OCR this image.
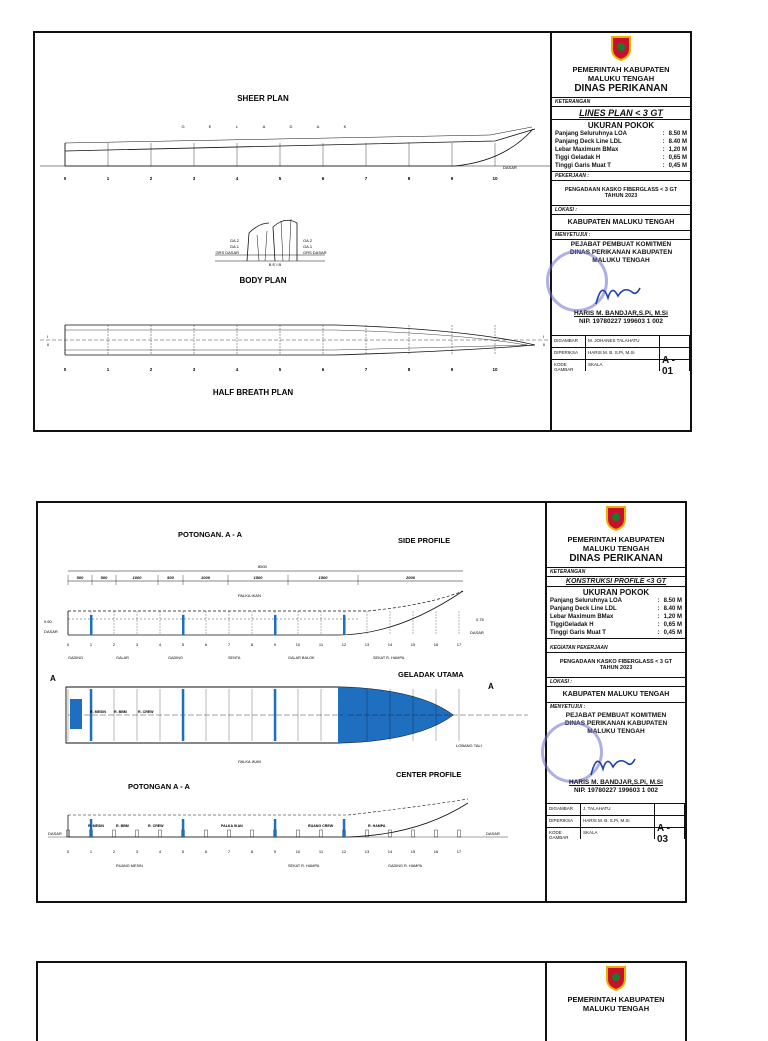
SHEER PLAN
G	E	L	A	D	A	K
DASAR
0	1	2	3	4	5	6	7	8	9	10
GA.2
GA.1
GRS DASAR
GA.2
GA.1
GRS DASAR
B E I B
BODY PLAN
I
II
I
II
0	1	2	3	4	5	6	7	8	9	10
HALF BREATH PLAN
PEMERINTAH KABUPATEN
MALUKU TENGAH
DINAS PERIKANAN
KETERANGAN
LINES PLAN < 3 GT
UKURAN POKOK
Panjang Seluruhnya LOA	: 8.50 M
Panjang Deck Line LDL	: 8.40 M
Lebar Maximum BMax	: 1,20 M
Tiggi Geladak H	: 0,65 M
Tinggi Garis Muat T	: 0,45 M
PEKERJAAN :
PENGADAAN KASKO FIBERGLASS < 3 GT
TAHUN 2023
LOKASI :
KABUPATEN MALUKU TENGAH
MENYETUJUI :
PEJABAT PEMBUAT KOMITMEN
DINAS PERIKANAN KABUPATEN
MALUKU TENGAH
HARIS M. BANDJAR,S.Pi, M.Si
NIP. 19780227 199603 1 002
DIGAMBAR	M. JOHANES TALAHATU
DIPERIKSA	HARIS M. B. S.Pi, M.Si
KODE GAMBAR
SKALA	A - 01
POTONGAN. A - A
SIDE PROFILE
8500
500	500	1000	500	1000	1500	1500	2000
PALKA IKAN
0.60
DASAR
0.75
DASAR
0	1	2	3	4	5	6	7	8	9	10	11	12	13	14	15	16	17
GADING	GALAR	GADING	SENTA	GALAR BALOK	SEKAT R. HAMPA
GELADAK UTAMA
A
A
R. MESIN R. BBM	R. CREW
LOBANG TALI
PALKA IKAN
POTONGAN A - A
CENTER PROFILE
R. MESIN	R. BBM	R. CREW	PALKA IKAN	RUANG CREW	R. HAMPA
DASAR	DASAR
0	1	2	3	4	5	6	7	8	9	10	11	12	13	14	15	16	17
RUANG MESIN	SEKAT R. HAMPA	GADING R. HAMPA
PEMERINTAH KABUPATEN
MALUKU TENGAH
DINAS PERIKANAN
KETERANGAN
KONSTRUKSI PROFILE <3 GT
UKURAN POKOK
Panjang Seluruhnya LOA	: 8.50 M
Panjang Deck Line LDL	: 8.40 M
Lebar Maximum BMax	: 1,20 M
TiggiGeladak H	: 0,65 M
Tinggi Garis Muat T	: 0,45 M
KEGIATAN PEKERJAAN
PENGADAAN KASKO FIBERGLASS < 3 GT
TAHUN 2023
LOKASI :
KABUPATEN MALUKU TENGAH
MENYETUJUI :
PEJABAT PEMBUAT KOMITMEN
DINAS PERIKANAN KABUPATEN
MALUKU TENGAH
HARIS M. BANDJAR,S.Pi, M.Si
NIP. 19780227 199603 1 002
DIGAMBAR	J. TALAHATU
DIPERIKSA	HARIS M. B. S.Pi, M.Si
KODE GAMBAR
SKALA	A - 03
PEMERINTAH KABUPATEN
MALUKU TENGAH
